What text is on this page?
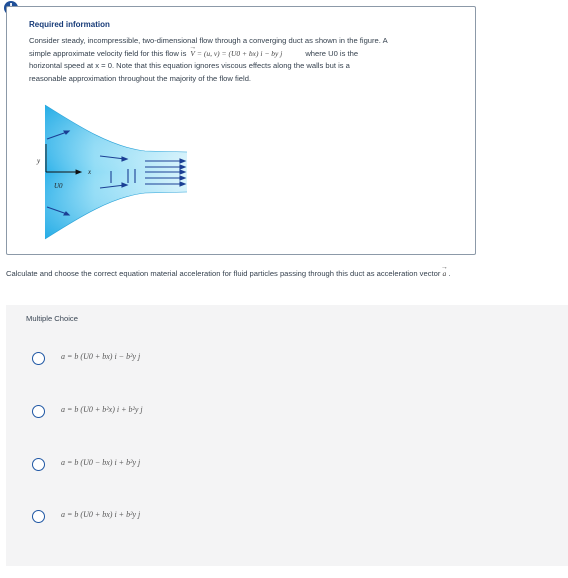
Required information
Consider steady, incompressible, two-dimensional flow through a converging duct as shown in the figure. A
simple approximate velocity field for this flow is → V = (u, v) = (U0 + bx) i − by j	where U0 is the
horizontal speed at x = 0. Note that this equation ignores viscous effects along the walls but is a
reasonable approximation throughout the majority of the flow field.
y
x
U0
Calculate and choose the correct equation material acceleration for fluid particles passing through this duct as acceleration vector → a .
Multiple Choice
a = b (U0 + bx) i − b²y j
a = b (U0 + b²x) i + b²y j
a = b (U0 − bx) i + b²y j
a = b (U0 + bx) i + b²y j
